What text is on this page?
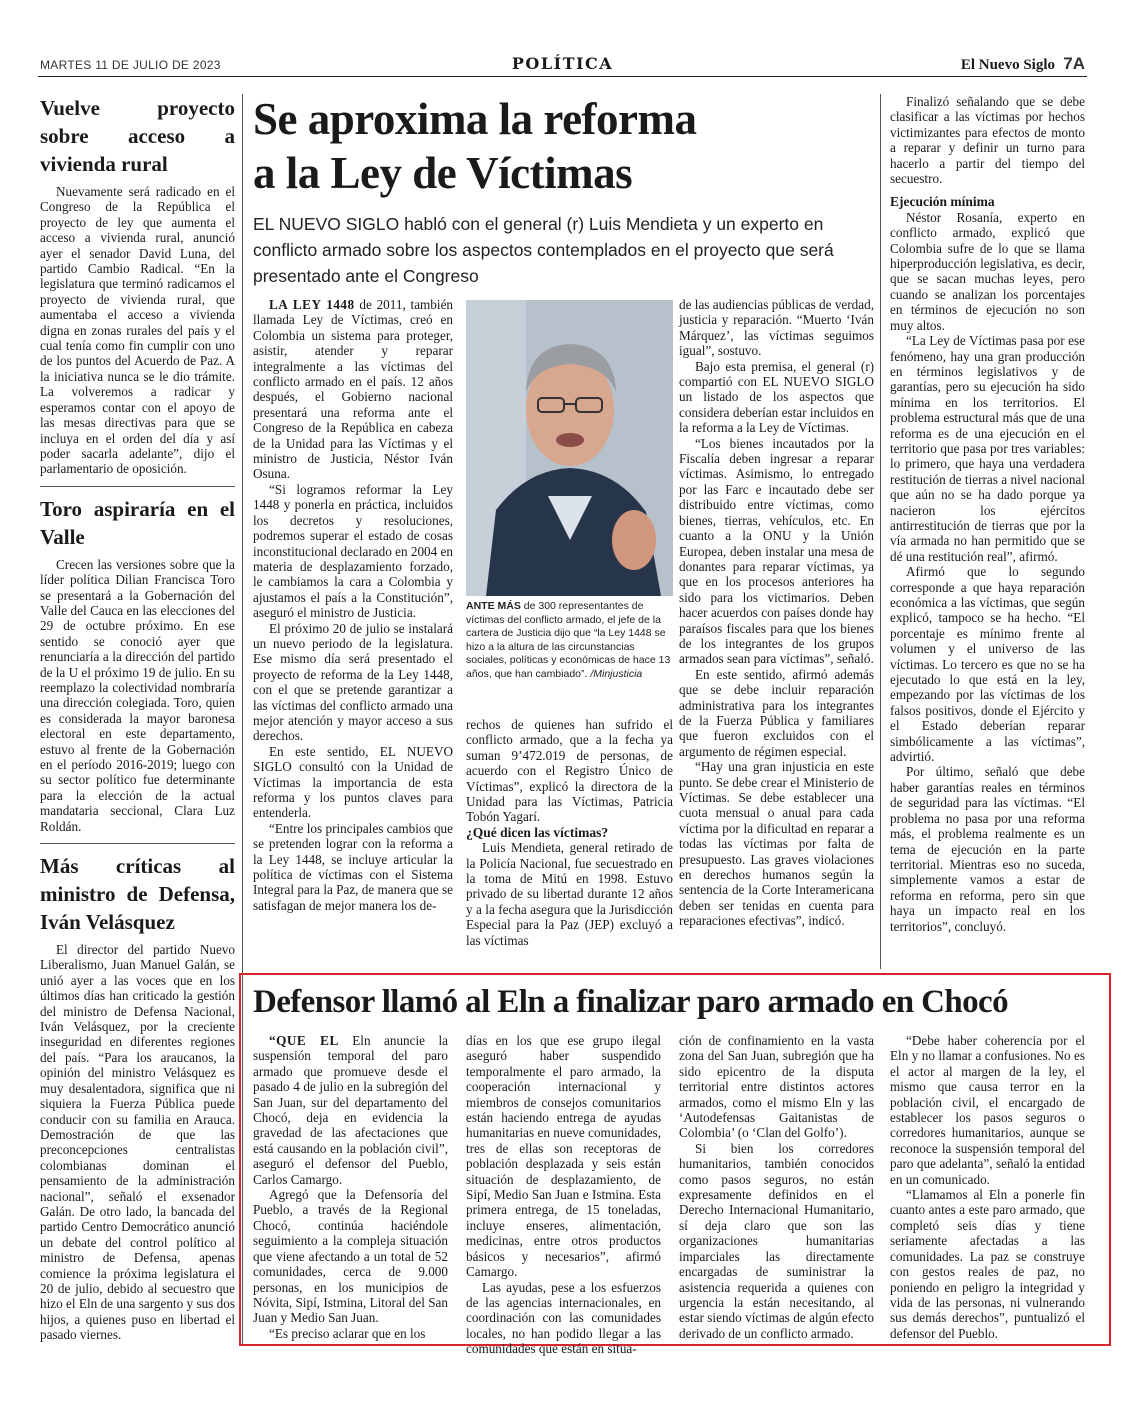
MARTES 11 DE JULIO DE 2023	POLÍTICA	El Nuevo Siglo 7A
Vuelve proyecto sobre acceso a vivienda rural

Nuevamente será radicado en el Congreso de la República el proyecto de ley que aumenta el acceso a vivienda rural, anunció ayer el senador David Luna, del partido Cambio Radical. “En la legislatura que terminó radicamos el proyecto de vivienda rural, que aumentaba el acceso a vivienda digna en zonas rurales del país y el cual tenía como fin cumplir con uno de los puntos del Acuerdo de Paz. A la iniciativa nunca se le dio trámite. La volveremos a radicar y esperamos contar con el apoyo de las mesas directivas para que se incluya en el orden del día y así poder sacarla adelante”, dijo el parlamentario de oposición.

Toro aspiraría en el Valle

Crecen las versiones sobre que la líder política Dilian Francisca Toro se presentará a la Gobernación del Valle del Cauca en las elecciones del 29 de octubre próximo. En ese sentido se conoció ayer que renunciaría a la dirección del partido de la U el próximo 19 de julio. En su reemplazo la colectividad nombraría una dirección colegiada. Toro, quien es considerada la mayor baronesa electoral en este departamento, estuvo al frente de la Gobernación en el período 2016-2019; luego con su sector político fue determinante para la elección de la actual mandataria seccional, Clara Luz Roldán.

Más críticas al ministro de Defensa, Iván Velásquez

El director del partido Nuevo Liberalismo, Juan Manuel Galán, se unió ayer a las voces que en los últimos días han criticado la gestión del ministro de Defensa Nacional, Iván Velásquez, por la creciente inseguridad en diferentes regiones del país. “Para los araucanos, la opinión del ministro Velásquez es muy desalentadora, significa que ni siquiera la Fuerza Pública puede conducir con su familia en Arauca. Demostración de que las preconcepciones centralistas colombianas dominan el pensamiento de la administración nacional”, señaló el exsenador Galán. De otro lado, la bancada del partido Centro Democrático anunció un debate del control político al ministro de Defensa, apenas comience la próxima legislatura el 20 de julio, debido al secuestro que hizo el Eln de una sargento y sus dos hijos, a quienes puso en libertad el pasado viernes.

Se aproxima la reforma
a la Ley de Víctimas
EL NUEVO SIGLO habló con el general (r) Luis Mendieta y un experto en conflicto armado sobre los aspectos contemplados en el proyecto que será presentado ante el Congreso

LA LEY 1448 de 2011, también llamada Ley de Víctimas, creó en Colombia un sistema para proteger, asistir, atender y reparar integralmente a las víctimas del conflicto armado en el país. 12 años después, el Gobierno nacional presentará una reforma ante el Congreso de la República en cabeza de la Unidad para las Víctimas y el ministro de Justicia, Néstor Iván Osuna.

“Si logramos reformar la Ley 1448 y ponerla en práctica, incluidos los decretos y resoluciones, podremos superar el estado de cosas inconstitucional declarado en 2004 en materia de desplazamiento forzado, le cambiamos la cara a Colombia y ajustamos el país a la Constitución”, aseguró el ministro de Justicia.

El próximo 20 de julio se instalará un nuevo periodo de la legislatura. Ese mismo día será presentado el proyecto de reforma de la Ley 1448, con el que se pretende garantizar a las víctimas del conflicto armado una mejor atención y mayor acceso a sus derechos.

En este sentido, EL NUEVO SIGLO consultó con la Unidad de Víctimas la importancia de esta reforma y los puntos claves para entenderla.

“Entre los principales cambios que se pretenden lograr con la reforma a la Ley 1448, se incluye articular la política de víctimas con el Sistema Integral para la Paz, de manera que se satisfagan de mejor manera los de-

ANTE MÁS de 300 representantes de víctimas del conflicto armado, el jefe de la cartera de Justicia dijo que “la Ley 1448 se hizo a la altura de las circunstancias sociales, políticas y económicas de hace 13 años, que han cambiado”. /Minjusticia

rechos de quienes han sufrido el conflicto armado, que a la fecha ya suman 9’472.019 de personas, de acuerdo con el Registro Único de Víctimas”, explicó la directora de la Unidad para las Víctimas, Patricia Tobón Yagarí.

¿Qué dicen las víctimas?

Luis Mendieta, general retirado de la Policía Nacional, fue secuestrado en la toma de Mitú en 1998. Estuvo privado de su libertad durante 12 años y a la fecha asegura que la Jurisdicción Especial para la Paz (JEP) excluyó a las víctimas

de las audiencias públicas de verdad, justicia y reparación. “Muerto ‘Iván Márquez’, las víctimas seguimos igual”, sostuvo.

Bajo esta premisa, el general (r) compartió con EL NUEVO SIGLO un listado de los aspectos que considera deberían estar incluidos en la reforma a la Ley de Víctimas.

“Los bienes incautados por la Fiscalía deben ingresar a reparar víctimas. Asimismo, lo entregado por las Farc e incautado debe ser distribuido entre víctimas, como bienes, tierras, vehículos, etc. En cuanto a la ONU y la Unión Europea, deben instalar una mesa de donantes para reparar víctimas, ya que en los procesos anteriores ha sido para los victimarios. Deben hacer acuerdos con países donde hay paraísos fiscales para que los bienes de los integrantes de los grupos armados sean para víctimas”, señaló.

En este sentido, afirmó además que se debe incluir reparación administrativa para los integrantes de la Fuerza Pública y familiares que fueron excluidos con el argumento de régimen especial.

“Hay una gran injusticia en este punto. Se debe crear el Ministerio de Víctimas. Se debe establecer una cuota mensual o anual para cada víctima por la dificultad en reparar a todas las víctimas por falta de presupuesto. Las graves violaciones en derechos humanos según la sentencia de la Corte Interamericana deben ser tenidas en cuenta para reparaciones efectivas”, indicó.

Finalizó señalando que se debe clasificar a las víctimas por hechos victimizantes para efectos de monto a reparar y definir un turno para hacerlo a partir del tiempo del secuestro.

Ejecución mínima

Néstor Rosanía, experto en conflicto armado, explicó que Colombia sufre de lo que se llama hiperproducción legislativa, es decir, que se sacan muchas leyes, pero cuando se analizan los porcentajes en términos de ejecución no son muy altos.

“La Ley de Víctimas pasa por ese fenómeno, hay una gran producción en términos legislativos y de garantías, pero su ejecución ha sido mínima en los territorios. El problema estructural más que de una reforma es de una ejecución en el territorio que pasa por tres variables: lo primero, que haya una verdadera restitución de tierras a nivel nacional que aún no se ha dado porque ya nacieron los ejércitos antirrestitución de tierras que por la vía armada no han permitido que se dé una restitución real”, afirmó.

Afirmó que lo segundo corresponde a que haya reparación económica a las víctimas, que según explicó, tampoco se ha hecho. “El porcentaje es mínimo frente al volumen y el universo de las víctimas. Lo tercero es que no se ha ejecutado lo que está en la ley, empezando por las víctimas de los falsos positivos, donde el Ejército y el Estado deberían reparar simbólicamente a las víctimas”, advirtió.

Por último, señaló que debe haber garantías reales en términos de seguridad para las víctimas. “El problema no pasa por una reforma más, el problema realmente es un tema de ejecución en la parte territorial. Mientras eso no suceda, simplemente vamos a estar de reforma en reforma, pero sin que haya un impacto real en los territorios”, concluyó.

Defensor llamó al Eln a finalizar paro armado en Chocó

“QUE EL Eln anuncie la suspensión temporal del paro armado que promueve desde el pasado 4 de julio en la subregión del San Juan, sur del departamento del Chocó, deja en evidencia la gravedad de las afectaciones que está causando en la población civil”, aseguró el defensor del Pueblo, Carlos Camargo.

Agregó que la Defensoría del Pueblo, a través de la Regional Chocó, continúa haciéndole seguimiento a la compleja situación que viene afectando a un total de 52 comunidades, cerca de 9.000 personas, en los municipios de Nóvita, Sipí, Istmina, Litoral del San Juan y Medio San Juan.

“Es preciso aclarar que en los

días en los que ese grupo ilegal aseguró haber suspendido temporalmente el paro armado, la cooperación internacional y miembros de consejos comunitarios están haciendo entrega de ayudas humanitarias en nueve comunidades, tres de ellas son receptoras de población desplazada y seis están situación de desplazamiento, de Sipí, Medio San Juan e Istmina. Esta primera entrega, de 15 toneladas, incluye enseres, alimentación, medicinas, entre otros productos básicos y necesarios”, afirmó Camargo.

Las ayudas, pese a los esfuerzos de las agencias internacionales, en coordinación con las comunidades locales, no han podido llegar a las comunidades que están en situa-

ción de confinamiento en la vasta zona del San Juan, subregión que ha sido epicentro de la disputa territorial entre distintos actores armados, como el mismo Eln y las ‘Autodefensas Gaitanistas de Colombia’ (o ‘Clan del Golfo’).

Si bien los corredores humanitarios, también conocidos como pasos seguros, no están expresamente definidos en el Derecho Internacional Humanitario, sí deja claro que son las organizaciones humanitarias imparciales las directamente encargadas de suministrar la asistencia requerida a quienes con urgencia la están necesitando, al estar siendo víctimas de algún efecto derivado de un conflicto armado.

“Debe haber coherencia por el Eln y no llamar a confusiones. No es el actor al margen de la ley, el mismo que causa terror en la población civil, el encargado de establecer los pasos seguros o corredores humanitarios, aunque se reconoce la suspensión temporal del paro que adelanta”, señaló la entidad en un comunicado.

“Llamamos al Eln a ponerle fin cuanto antes a este paro armado, que completó seis días y tiene seriamente afectadas a las comunidades. La paz se construye con gestos reales de paz, no poniendo en peligro la integridad y vida de las personas, ni vulnerando sus demás derechos”, puntualizó el defensor del Pueblo.
